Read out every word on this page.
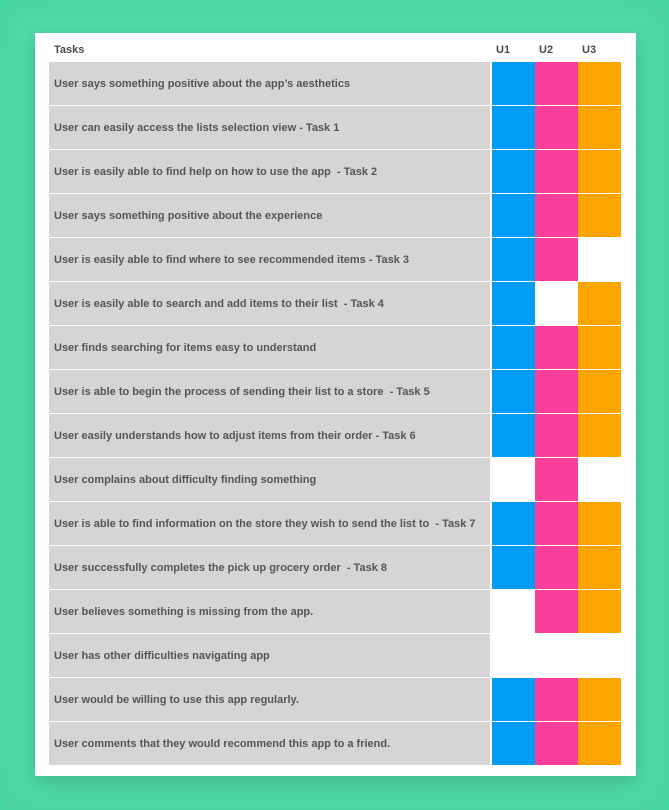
Tasks	U1	U2	U3
User says something positive about the app’s aesthetics
User can easily access the lists selection view - Task 1
User is easily able to find help on how to use the app  - Task 2
User says something positive about the experience
User is easily able to find where to see recommended items - Task 3
User is easily able to search and add items to their list  - Task 4
User finds searching for items easy to understand
User is able to begin the process of sending their list to a store  - Task 5
User easily understands how to adjust items from their order - Task 6
User complains about difficulty finding something
User is able to find information on the store they wish to send the list to  - Task 7
User successfully completes the pick up grocery order  - Task 8
User believes something is missing from the app.
User has other difficulties navigating app
User would be willing to use this app regularly.
User comments that they would recommend this app to a friend.
